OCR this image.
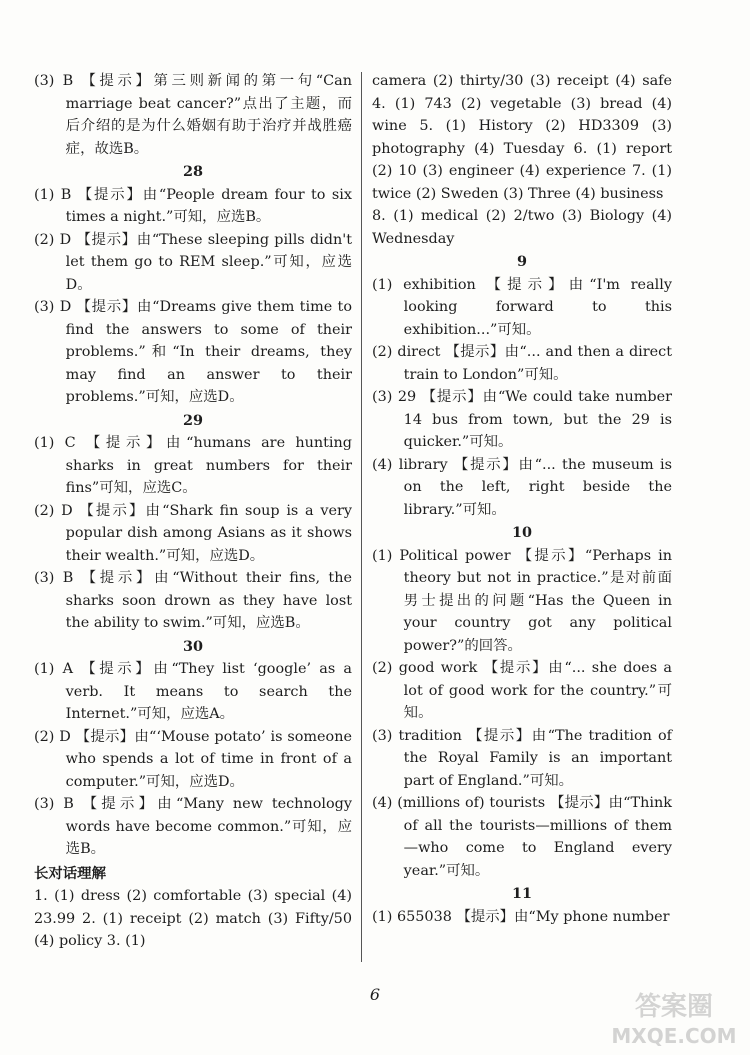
(3) B 【提示】第三则新闻的第一句“Can marriage beat cancer?”点出了主题，而后介绍的是为什么婚姻有助于治疗并战胜癌症，故选B。

28

(1) B 【提示】由“People dream four to six times a night.”可知，应选B。

(2) D 【提示】由“These sleeping pills didn't let them go to REM sleep.”可知，应选D。

(3) D 【提示】由“Dreams give them time to find the answers to some of their problems.”和“In their dreams, they may find an answer to their problems.”可知，应选D。

29

(1) C 【提示】由“humans are hunting sharks in great numbers for their fins”可知，应选C。

(2) D 【提示】由“Shark fin soup is a very popular dish among Asians as it shows their wealth.”可知，应选D。

(3) B 【提示】由“Without their fins, the sharks soon drown as they have lost the ability to swim.”可知，应选B。

30

(1) A 【提示】由“They list ‘google’ as a verb. It means to search the Internet.”可知，应选A。

(2) D 【提示】由“‘Mouse potato’ is someone who spends a lot of time in front of a computer.”可知，应选D。

(3) B 【提示】由“Many new technology words have become common.”可知，应选B。

长对话理解

1. (1) dress (2) comfortable (3) special (4) 23.99 2. (1) receipt (2) match (3) Fifty/50 (4) policy 3. (1)

camera (2) thirty/30 (3) receipt (4) safe 4. (1) 743 (2) vegetable (3) bread (4) wine 5. (1) History (2) HD3309 (3) photography (4) Tuesday 6. (1) report (2) 10 (3) engineer (4) experience 7. (1) twice (2) Sweden (3) Three (4) business

8. (1) medical (2) 2/two (3) Biology (4) Wednesday

9

(1) exhibition 【提示】由“I'm really looking forward to this exhibition...”可知。

(2) direct 【提示】由“... and then a direct train to London”可知。

(3) 29 【提示】由“We could take number 14 bus from town, but the 29 is quicker.”可知。

(4) library 【提示】由“... the museum is on the left, right beside the library.”可知。

10

(1) Political power 【提示】“Perhaps in theory but not in practice.”是对前面男士提出的问题“Has the Queen in your country got any political power?”的回答。

(2) good work 【提示】由“... she does a lot of good work for the country.”可知。

(3) tradition 【提示】由“The tradition of the Royal Family is an important part of England.”可知。

(4) (millions of) tourists 【提示】由“Think of all the tourists—millions of them—who come to England every year.”可知。

11

(1) 655038 【提示】由“My phone number

6	答案圈
MXQE.COM
